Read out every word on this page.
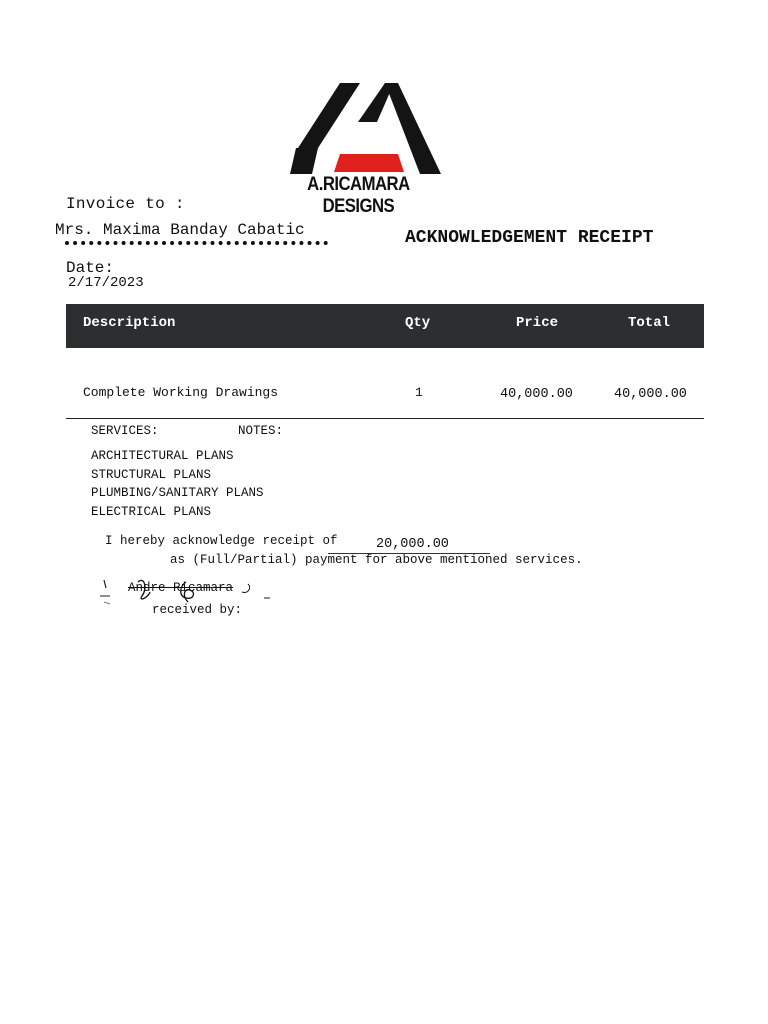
A.RICAMARA DESIGNS
Invoice to :
Mrs. Maxima Banday Cabatic	ACKNOWLEDGEMENT RECEIPT
Date:
2/17/2023
Description	Qty	Price	Total
Complete Working Drawings	1	40,000.00	40,000.00
SERVICES:	NOTES:
ARCHITECTURAL PLANS
STRUCTURAL PLANS
PLUMBING/SANITARY PLANS
ELECTRICAL PLANS
I hereby acknowledge receipt of	20,000.00
as (Full/Partial) payment for above mentioned services.
Andre Ricamara
received by:
